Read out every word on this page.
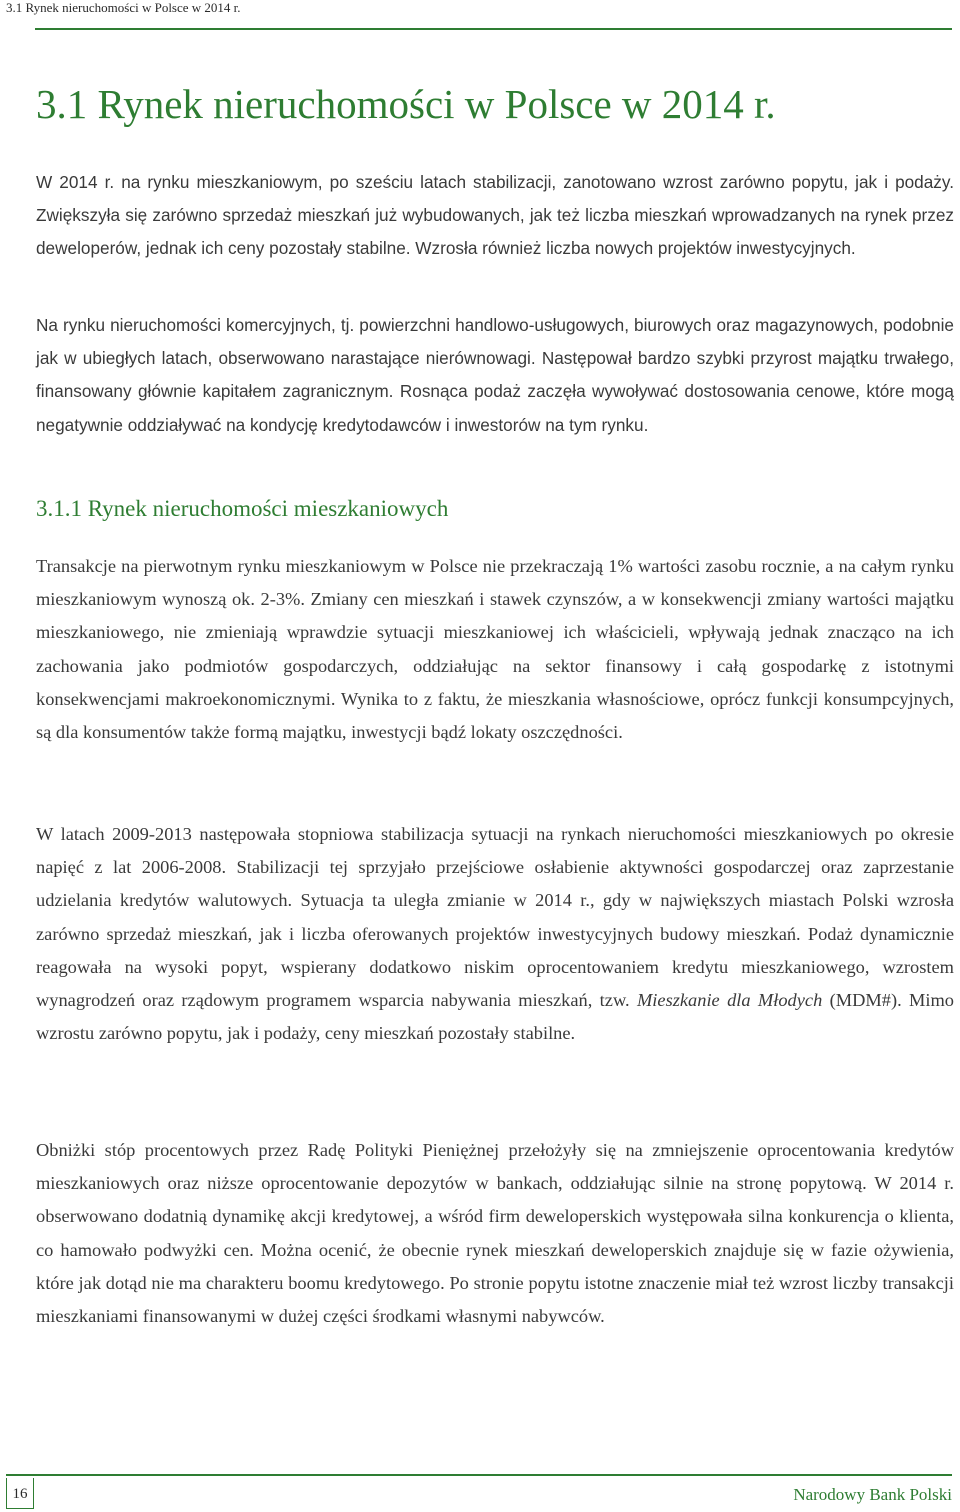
3.1 Rynek nieruchomości w Polsce w 2014 r.
3.1 Rynek nieruchomości w Polsce w 2014 r.

W 2014 r. na rynku mieszkaniowym, po sześciu latach stabilizacji, zanotowano wzrost zarówno popytu, jak i podaży. Zwiększyła się zarówno sprzedaż mieszkań już wybudowanych, jak też liczba mieszkań wprowadzanych na rynek przez deweloperów, jednak ich ceny pozostały stabilne. Wzrosła również liczba nowych projektów inwestycyjnych.

Na rynku nieruchomości komercyjnych, tj. powierzchni handlowo-usługowych, biurowych oraz magazynowych, podobnie jak w ubiegłych latach, obserwowano narastające nierównowagi. Następował bardzo szybki przyrost majątku trwałego, finansowany głównie kapitałem zagranicznym. Rosnąca podaż zaczęła wywoływać dostosowania cenowe, które mogą negatywnie oddziaływać na kondycję kredytodawców i inwestorów na tym rynku.

3.1.1 Rynek nieruchomości mieszkaniowych

Transakcje na pierwotnym rynku mieszkaniowym w Polsce nie przekraczają 1% wartości zasobu rocznie, a na całym rynku mieszkaniowym wynoszą ok. 2-3%. Zmiany cen mieszkań i stawek czynszów, a w konsekwencji zmiany wartości majątku mieszkaniowego, nie zmieniają wprawdzie sytuacji mieszkaniowej ich właścicieli, wpływają jednak znacząco na ich zachowania jako podmiotów gospodarczych, oddziałując na sektor finansowy i całą gospodarkę z istotnymi konsekwencjami makroekonomicznymi. Wynika to z faktu, że mieszkania własnościowe, oprócz funkcji konsumpcyjnych, są dla konsumentów także formą majątku, inwestycji bądź lokaty oszczędności.

W latach 2009-2013 następowała stopniowa stabilizacja sytuacji na rynkach nieruchomości mieszkaniowych po okresie napięć z lat 2006-2008. Stabilizacji tej sprzyjało przejściowe osłabienie aktywności gospodarczej oraz zaprzestanie udzielania kredytów walutowych. Sytuacja ta uległa zmianie w 2014 r., gdy w największych miastach Polski wzrosła zarówno sprzedaż mieszkań, jak i liczba oferowanych projektów inwestycyjnych budowy mieszkań. Podaż dynamicznie reagowała na wysoki popyt, wspierany dodatkowo niskim oprocentowaniem kredytu mieszkaniowego, wzrostem wynagrodzeń oraz rządowym programem wsparcia nabywania mieszkań, tzw. Mieszkanie dla Młodych (MDM#). Mimo wzrostu zarówno popytu, jak i podaży, ceny mieszkań pozostały stabilne.

Obniżki stóp procentowych przez Radę Polityki Pieniężnej przełożyły się na zmniejszenie oprocentowania kredytów mieszkaniowych oraz niższe oprocentowanie depozytów w bankach, oddziałując silnie na stronę popytową. W 2014 r. obserwowano dodatnią dynamikę akcji kredytowej, a wśród firm deweloperskich występowała silna konkurencja o klienta, co hamowało podwyżki cen. Można ocenić, że obecnie rynek mieszkań deweloperskich znajduje się w fazie ożywienia, które jak dotąd nie ma charakteru boomu kredytowego. Po stronie popytu istotne znaczenie miał też wzrost liczby transakcji mieszkaniami finansowanymi w dużej części środkami własnymi nabywców.

16	Narodowy Bank Polski
